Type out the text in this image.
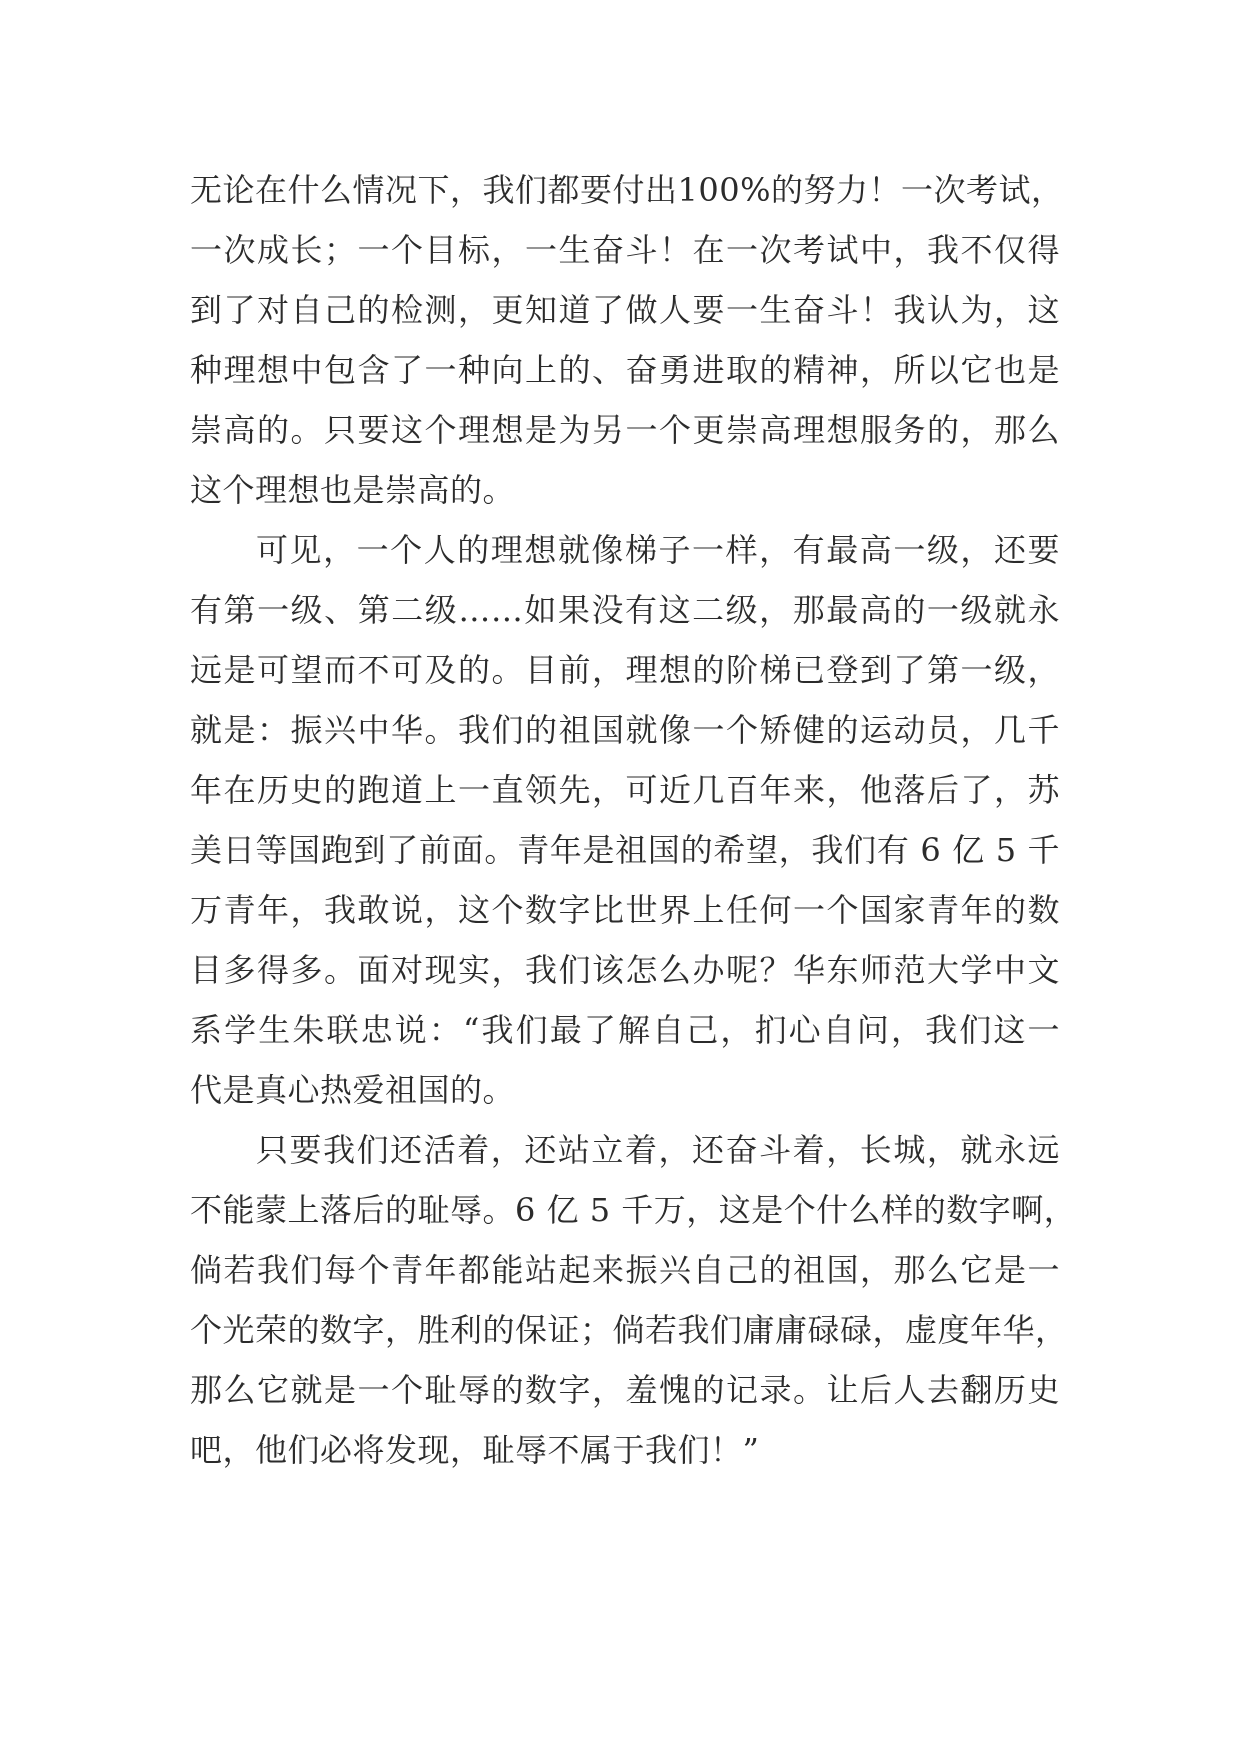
无论在什么情况下，我们都要付出100%的努力！一次考试，
一次成长；一个目标，一生奋斗！在一次考试中，我不仅得
到了对自己的检测，更知道了做人要一生奋斗！我认为，这
种理想中包含了一种向上的、奋勇进取的精神，所以它也是
崇高的。只要这个理想是为另一个更崇高理想服务的，那么
这个理想也是崇高的。
可见，一个人的理想就像梯子一样，有最高一级，还要
有第一级、第二级……如果没有这二级，那最高的一级就永
远是可望而不可及的。目前，理想的阶梯已登到了第一级，
就是：振兴中华。我们的祖国就像一个矫健的运动员，几千
年在历史的跑道上一直领先，可近几百年来，他落后了，苏
美日等国跑到了前面。青年是祖国的希望，我们有 6 亿 5 千
万青年，我敢说，这个数字比世界上任何一个国家青年的数
目多得多。面对现实，我们该怎么办呢？华东师范大学中文
系学生朱联忠说：“我们最了解自己，扪心自问，我们这一
代是真心热爱祖国的。
只要我们还活着，还站立着，还奋斗着，长城，就永远
不能蒙上落后的耻辱。6 亿 5 千万，这是个什么样的数字啊，
倘若我们每个青年都能站起来振兴自己的祖国，那么它是一
个光荣的数字，胜利的保证；倘若我们庸庸碌碌，虚度年华，
那么它就是一个耻辱的数字，羞愧的记录。让后人去翻历史
吧，他们必将发现，耻辱不属于我们！”
